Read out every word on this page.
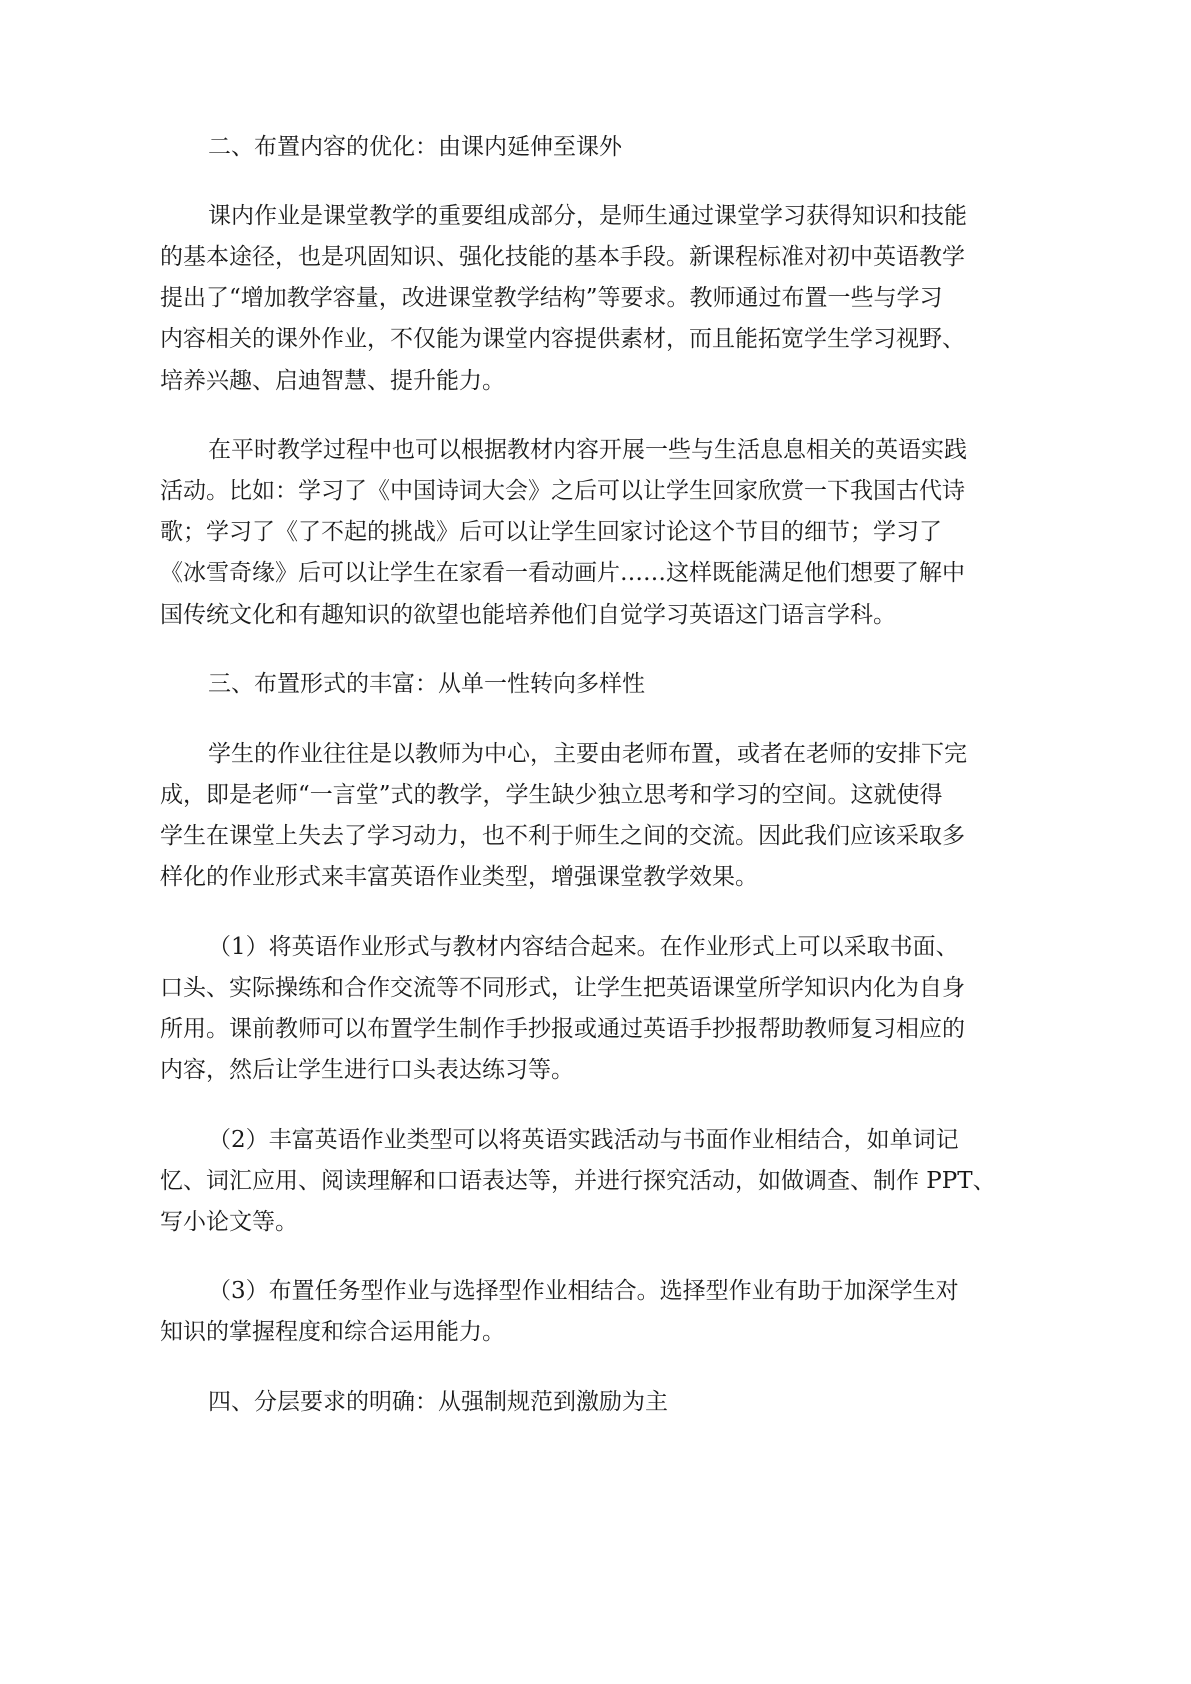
二、布置内容的优化：由课内延伸至课外

课内作业是课堂教学的重要组成部分，是师生通过课堂学习获得知识和技能

的基本途径，也是巩固知识、强化技能的基本手段。新课程标准对初中英语教学

提出了“增加教学容量，改进课堂教学结构”等要求。教师通过布置一些与学习

内容相关的课外作业，不仅能为课堂内容提供素材，而且能拓宽学生学习视野、

培养兴趣、启迪智慧、提升能力。

在平时教学过程中也可以根据教材内容开展一些与生活息息相关的英语实践

活动。比如：学习了《中国诗词大会》之后可以让学生回家欣赏一下我国古代诗

歌；学习了《了不起的挑战》后可以让学生回家讨论这个节目的细节；学习了

《冰雪奇缘》后可以让学生在家看一看动画片……这样既能满足他们想要了解中

国传统文化和有趣知识的欲望也能培养他们自觉学习英语这门语言学科。

三、布置形式的丰富：从单一性转向多样性

学生的作业往往是以教师为中心，主要由老师布置，或者在老师的安排下完

成，即是老师“一言堂”式的教学，学生缺少独立思考和学习的空间。这就使得

学生在课堂上失去了学习动力，也不利于师生之间的交流。因此我们应该采取多

样化的作业形式来丰富英语作业类型，增强课堂教学效果。

（1）将英语作业形式与教材内容结合起来。在作业形式上可以采取书面、

口头、实际操练和合作交流等不同形式，让学生把英语课堂所学知识内化为自身

所用。课前教师可以布置学生制作手抄报或通过英语手抄报帮助教师复习相应的

内容，然后让学生进行口头表达练习等。

（2）丰富英语作业类型可以将英语实践活动与书面作业相结合，如单词记

忆、词汇应用、阅读理解和口语表达等，并进行探究活动，如做调查、制作 PPT、

写小论文等。

（3）布置任务型作业与选择型作业相结合。选择型作业有助于加深学生对

知识的掌握程度和综合运用能力。

四、分层要求的明确：从强制规范到激励为主
